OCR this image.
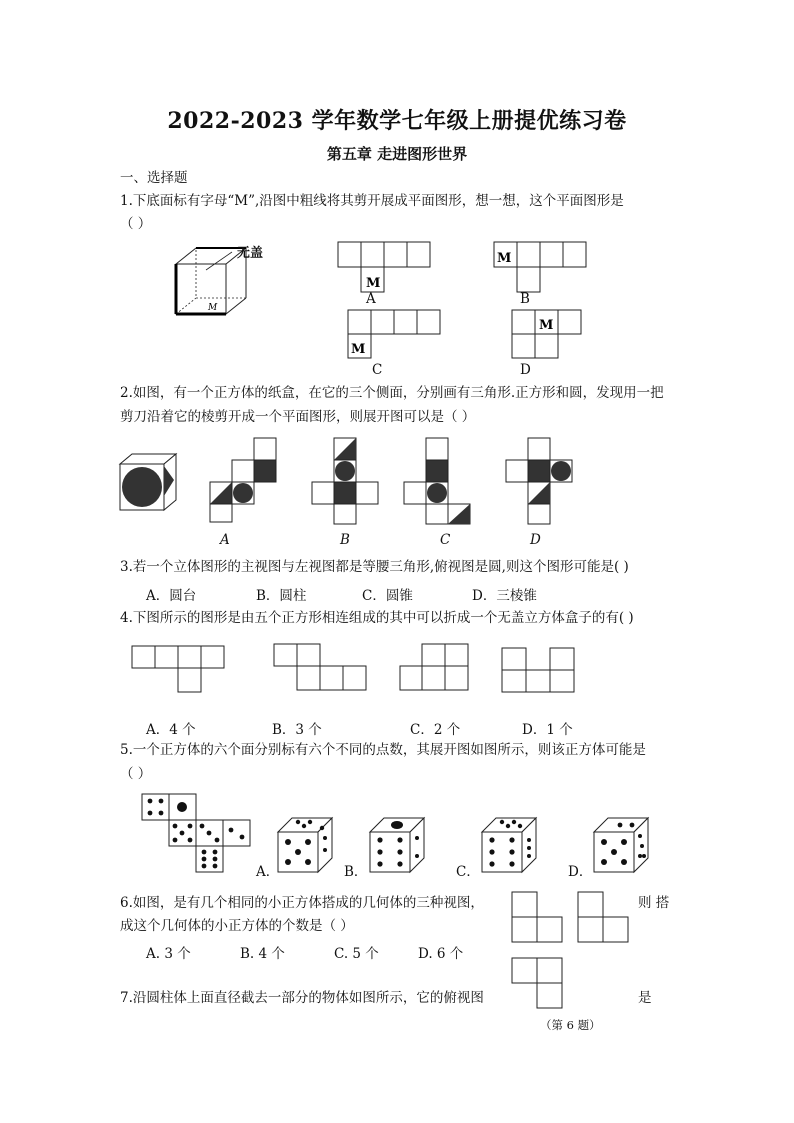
2022-2023 学年数学七年级上册提优练习卷
第五章 走进图形世界
一、选择题
1.下底面标有字母“M”,沿图中粗线将其剪开展成平面图形，想一想，这个平面图形是
（ ）
M
无盖
M
A
M
B
M
C
M
D
2.如图，有一个正方体的纸盒，在它的三个侧面，分别画有三角形.正方形和圆，发现用一把
剪刀沿着它的棱剪开成一个平面图形，则展开图可以是（ ）
A	B	C	D
3.若一个立体图形的主视图与左视图都是等腰三角形,俯视图是圆,则这个图形可能是( )
A．圆台	B．圆柱	C．圆锥	D．三棱锥
4.下图所示的图形是由五个正方形相连组成的其中可以折成一个无盖立方体盒子的有( )
A．4 个	B．3 个	C．2 个	D．1 个
5.一个正方体的六个面分别标有六个不同的点数，其展开图如图所示，则该正方体可能是
（ ）
A．	B．	C．	D．
6.如图，是有几个相同的小正方体搭成的几何体的三种视图，	则 搭
成这个几何体的小正方体的个数是（ ）
A. 3 个	B. 4 个	C. 5 个	D. 6 个
（第 6 题）
7.沿圆柱体上面直径截去一部分的物体如图所示，它的俯视图	是
